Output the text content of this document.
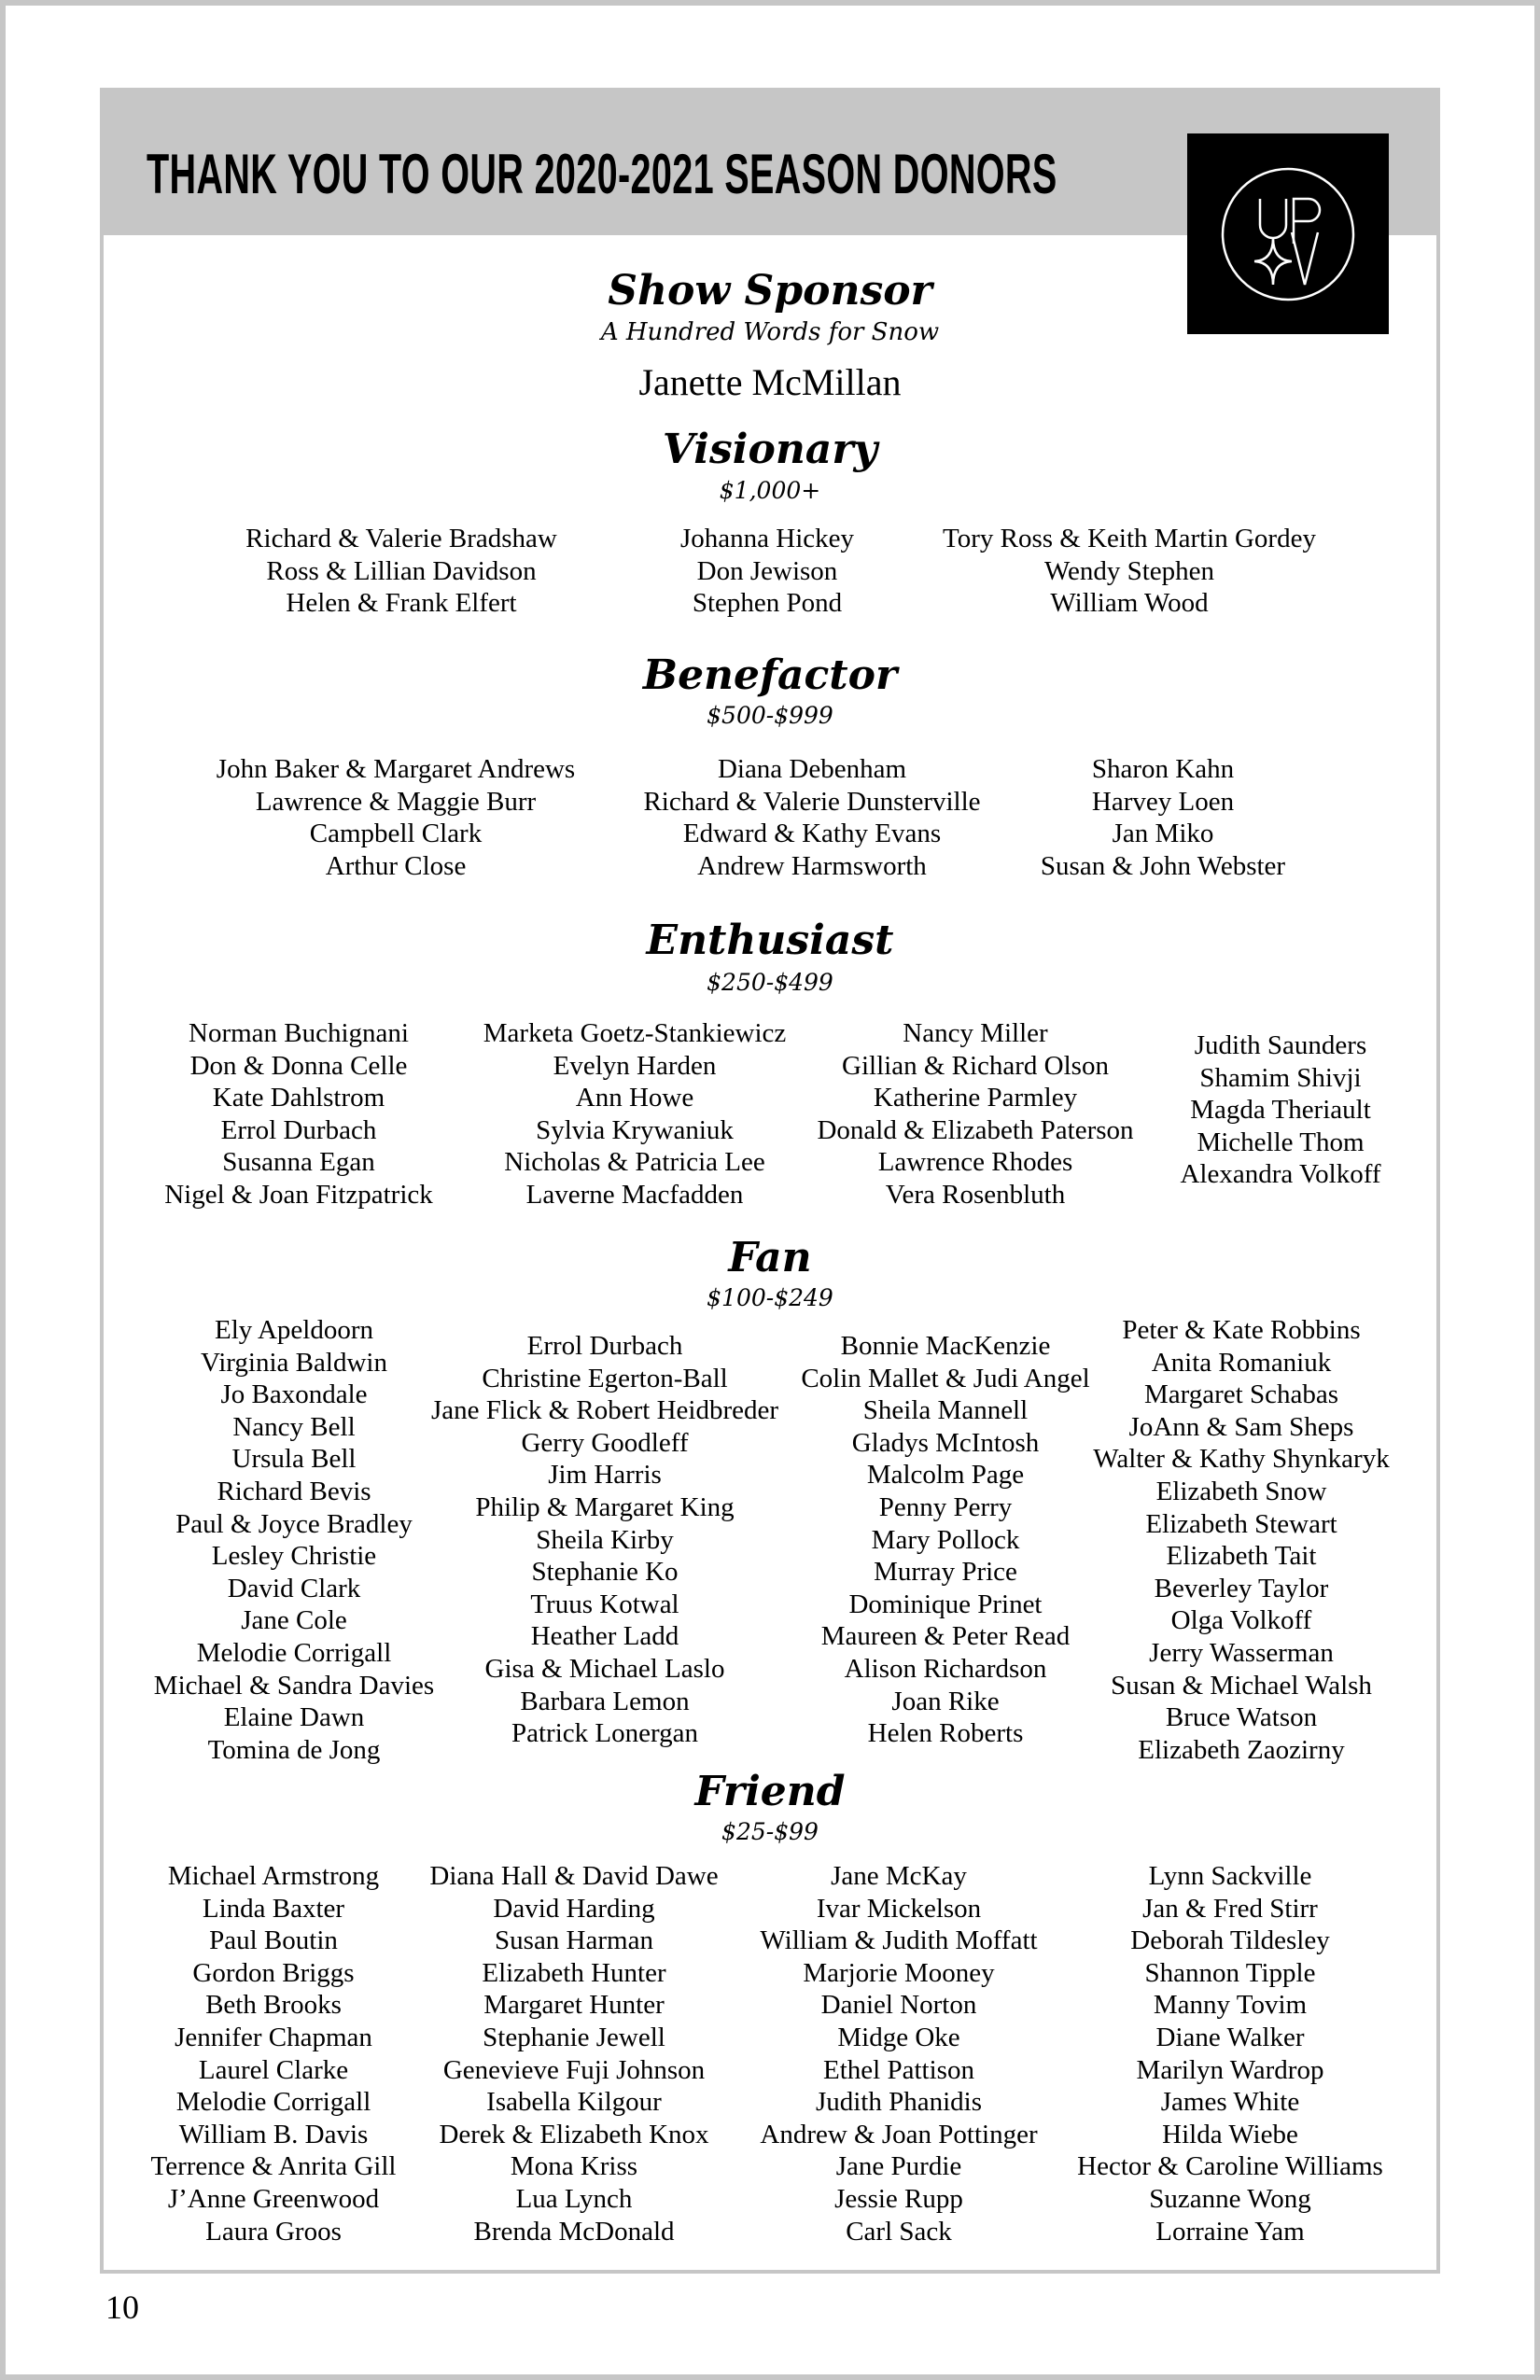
THANK YOU TO OUR 2020-2021 SEASON DONORS
Show Sponsor
A Hundred Words for Snow
Janette McMillan
Visionary
$1,000+
Richard & Valerie Bradshaw
Ross & Lillian Davidson
Helen & Frank Elfert
Johanna Hickey
Don Jewison
Stephen Pond
Tory Ross & Keith Martin Gordey
Wendy Stephen
William Wood
Benefactor
$500-$999
John Baker & Margaret Andrews
Lawrence & Maggie Burr
Campbell Clark
Arthur Close
Diana Debenham
Richard & Valerie Dunsterville
Edward & Kathy Evans
Andrew Harmsworth
Sharon Kahn
Harvey Loen
Jan Miko
Susan & John Webster
Enthusiast
$250-$499
Norman Buchignani
Don & Donna Celle
Kate Dahlstrom
Errol Durbach
Susanna Egan
Nigel & Joan Fitzpatrick
Marketa Goetz-Stankiewicz
Evelyn Harden
Ann Howe
Sylvia Krywaniuk
Nicholas & Patricia Lee
Laverne Macfadden
Nancy Miller
Gillian & Richard Olson
Katherine Parmley
Donald & Elizabeth Paterson
Lawrence Rhodes
Vera Rosenbluth
Judith Saunders
Shamim Shivji
Magda Theriault
Michelle Thom
Alexandra Volkoff
Fan
$100-$249
Ely Apeldoorn
Virginia Baldwin
Jo Baxondale
Nancy Bell
Ursula Bell
Richard Bevis
Paul & Joyce Bradley
Lesley Christie
David Clark
Jane Cole
Melodie Corrigall
Michael & Sandra Davies
Elaine Dawn
Tomina de Jong
Errol Durbach
Christine Egerton-Ball
Jane Flick & Robert Heidbreder
Gerry Goodleff
Jim Harris
Philip & Margaret King
Sheila Kirby
Stephanie Ko
Truus Kotwal
Heather Ladd
Gisa & Michael Laslo
Barbara Lemon
Patrick Lonergan
Bonnie MacKenzie
Colin Mallet & Judi Angel
Sheila Mannell
Gladys McIntosh
Malcolm Page
Penny Perry
Mary Pollock
Murray Price
Dominique Prinet
Maureen & Peter Read
Alison Richardson
Joan Rike
Helen Roberts
Peter & Kate Robbins
Anita Romaniuk
Margaret Schabas
JoAnn & Sam Sheps
Walter & Kathy Shynkaryk
Elizabeth Snow
Elizabeth Stewart
Elizabeth Tait
Beverley Taylor
Olga Volkoff
Jerry Wasserman
Susan & Michael Walsh
Bruce Watson
Elizabeth Zaozirny
Friend
$25-$99
Michael Armstrong
Linda Baxter
Paul Boutin
Gordon Briggs
Beth Brooks
Jennifer Chapman
Laurel Clarke
Melodie Corrigall
William B. Davis
Terrence & Anrita Gill
J’Anne Greenwood
Laura Groos
Diana Hall & David Dawe
David Harding
Susan Harman
Elizabeth Hunter
Margaret Hunter
Stephanie Jewell
Genevieve Fuji Johnson
Isabella Kilgour
Derek & Elizabeth Knox
Mona Kriss
Lua Lynch
Brenda McDonald
Jane McKay
Ivar Mickelson
William & Judith Moffatt
Marjorie Mooney
Daniel Norton
Midge Oke
Ethel Pattison
Judith Phanidis
Andrew & Joan Pottinger
Jane Purdie
Jessie Rupp
Carl Sack
Lynn Sackville
Jan & Fred Stirr
Deborah Tildesley
Shannon Tipple
Manny Tovim
Diane Walker
Marilyn Wardrop
James White
Hilda Wiebe
Hector & Caroline Williams
Suzanne Wong
Lorraine Yam
10
